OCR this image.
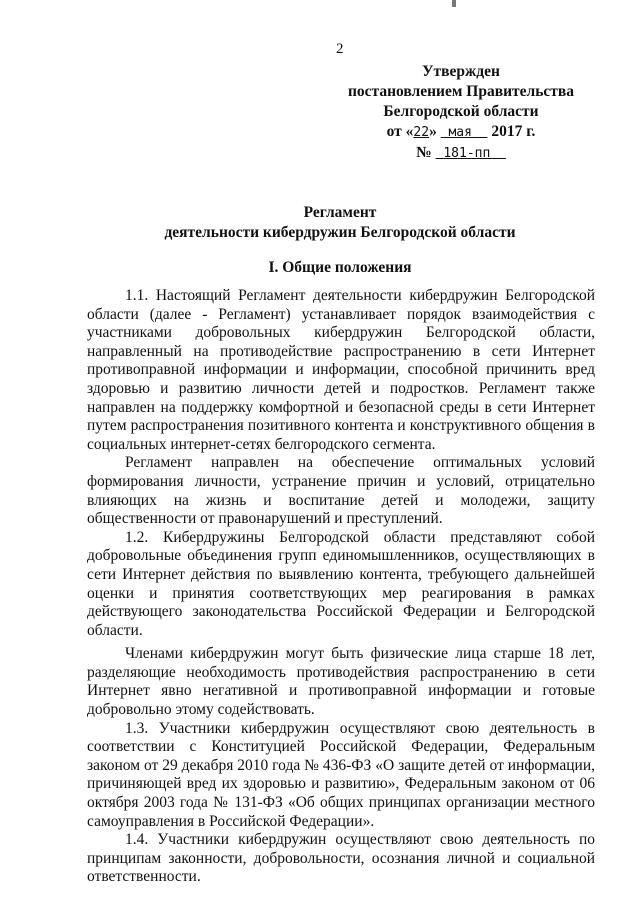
2
Утвержден
постановлением Правительства
Белгородской области
от «22» мая 2017 г.
№ 181-пп
Регламент
деятельности кибердружин Белгородской области
I. Общие положения

1.1. Настоящий Регламент деятельности кибердружин Белгородской области (далее - Регламент) устанавливает порядок взаимодействия с участниками добровольных кибердружин Белгородской области, направленный на противодействие распространению в сети Интернет противоправной информации и информации, способной причинить вред здоровью и развитию личности детей и подростков. Регламент также направлен на поддержку комфортной и безопасной среды в сети Интернет путем распространения позитивного контента и конструктивного общения в социальных интернет-сетях белгородского сегмента.

Регламент направлен на обеспечение оптимальных условий формирования личности, устранение причин и условий, отрицательно влияющих на жизнь и воспитание детей и молодежи, защиту общественности от правонарушений и преступлений.

1.2. Кибердружины Белгородской области представляют собой добровольные объединения групп единомышленников, осуществляющих в сети Интернет действия по выявлению контента, требующего дальнейшей оценки и принятия соответствующих мер реагирования в рамках действующего законодательства Российской Федерации и Белгородской области.

Членами кибердружин могут быть физические лица старше 18 лет, разделяющие необходимость противодействия распространению в сети Интернет явно негативной и противоправной информации и готовые добровольно этому содействовать.

1.3. Участники кибердружин осуществляют свою деятельность в соответствии с Конституцией Российской Федерации, Федеральным законом от 29 декабря 2010 года № 436-ФЗ «О защите детей от информации, причиняющей вред их здоровью и развитию», Федеральным законом от 06 октября 2003 года № 131-ФЗ «Об общих принципах организации местного самоуправления в Российской Федерации».

1.4. Участники кибердружин осуществляют свою деятельность по принципам законности, добровольности, осознания личной и социальной ответственности.
